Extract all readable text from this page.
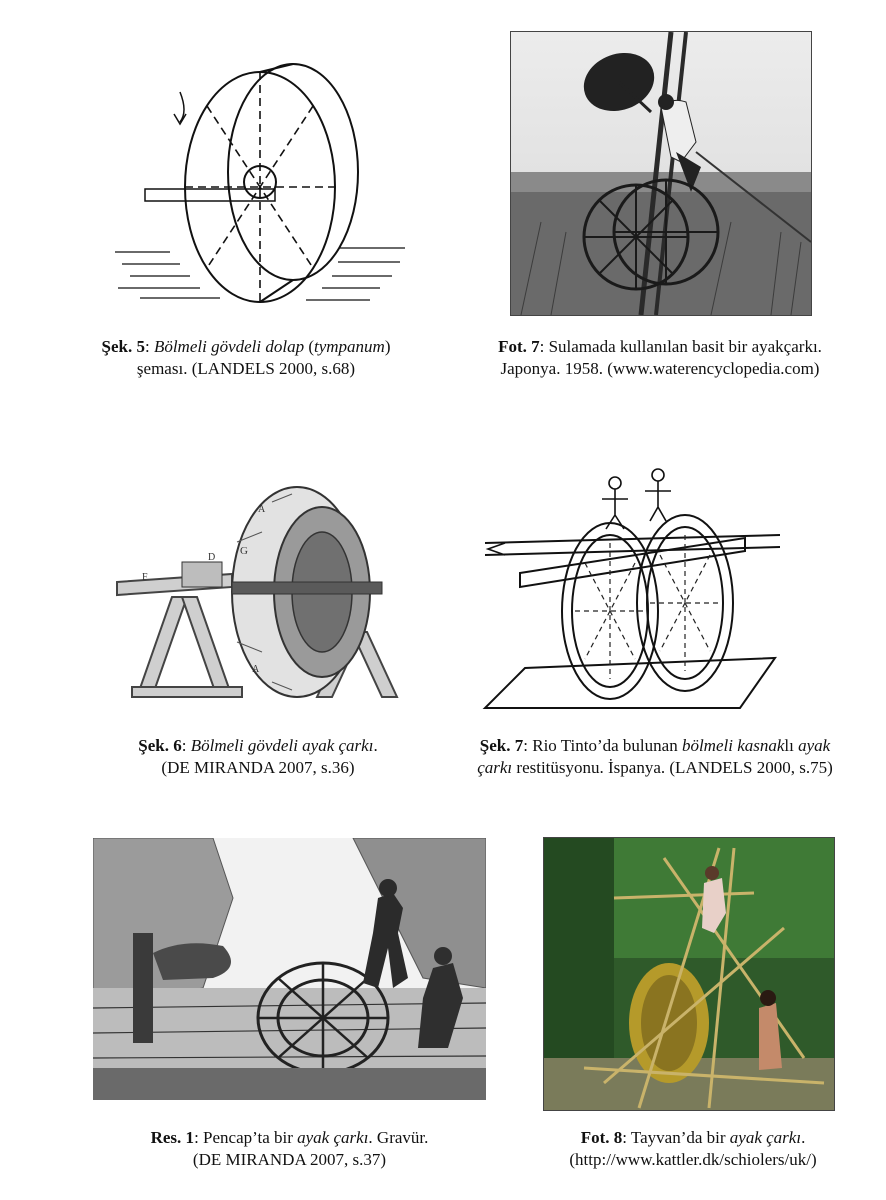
Şek. 5: Bölmeli gövdeli dolap (tympanum)
şeması. (LANDELS 2000, s.68)
Fot. 7: Sulamada kullanılan basit bir ayakçarkı.
Japonya. 1958. (www.waterencyclopedia.com)
G
A
D
F
A
Şek. 6: Bölmeli gövdeli ayak çarkı.
(DE MIRANDA 2007, s.36)
Şek. 7: Rio Tinto’da bulunan bölmeli kasnaklı ayak
çarkı restitüsyonu. İspanya. (LANDELS 2000, s.75)
Res. 1: Pencap’ta bir ayak çarkı. Gravür.
(DE MIRANDA 2007, s.37)
Fot. 8: Tayvan’da bir ayak çarkı.
(http://www.kattler.dk/schiolers/uk/)
